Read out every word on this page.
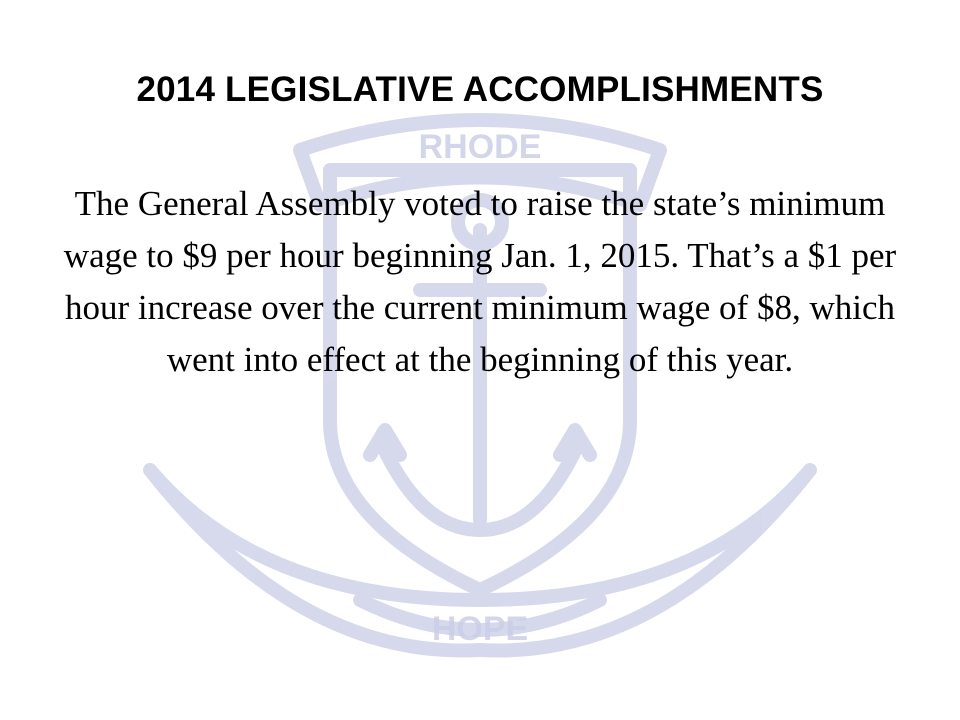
RHODE
HOPE
2014 LEGISLATIVE ACCOMPLISHMENTS

The General Assembly voted to raise the state’s minimum wage to $9 per hour beginning Jan. 1, 2015. That’s a $1 per hour increase over the current minimum wage of $8, which went into effect at the beginning of this year.
